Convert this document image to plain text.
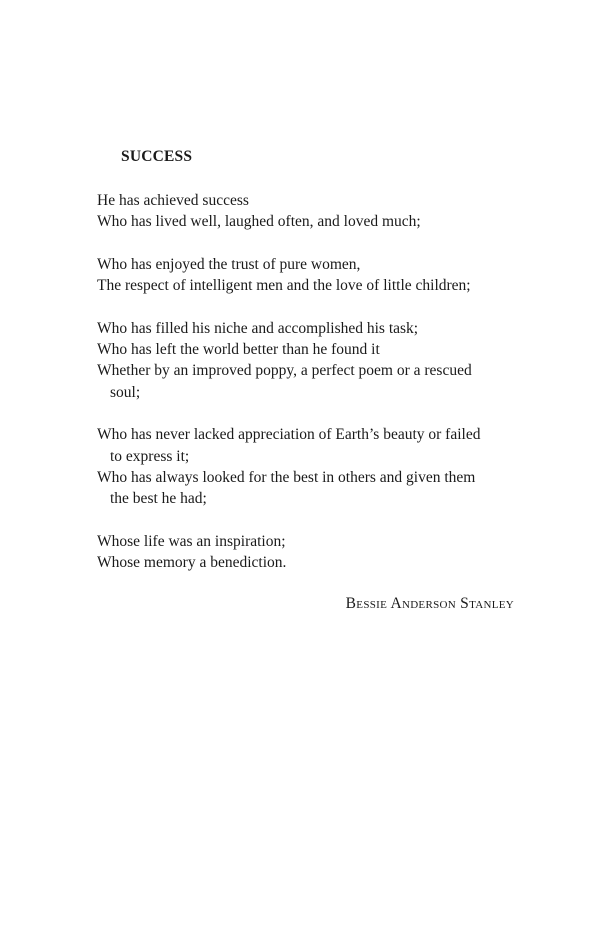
SUCCESS
He has achieved success
Who has lived well, laughed often, and loved much;
Who has enjoyed the trust of pure women,
The respect of intelligent men and the love of little children;
Who has filled his niche and accomplished his task;
Who has left the world better than he found it
Whether by an improved poppy, a perfect poem or a rescued
soul;
Who has never lacked appreciation of Earth’s beauty or failed
to express it;
Who has always looked for the best in others and given them
the best he had;
Whose life was an inspiration;
Whose memory a benediction.
Bessie Anderson Stanley
